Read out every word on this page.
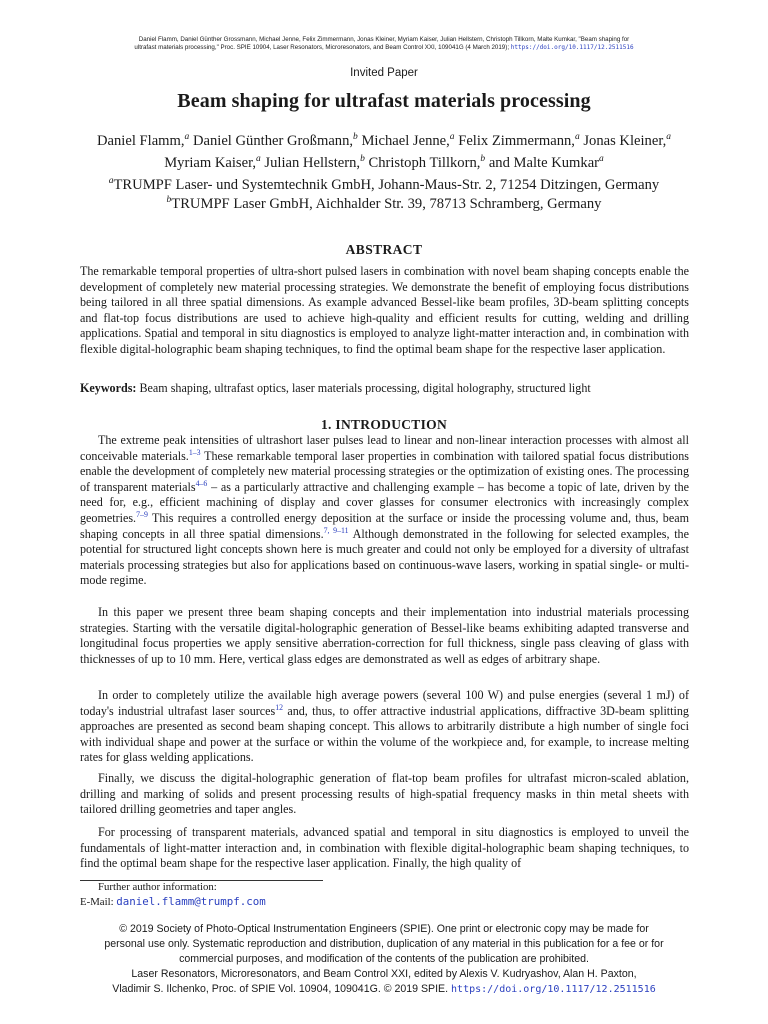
Daniel Flamm, Daniel Günther Grossmann, Michael Jenne, Felix Zimmermann, Jonas Kleiner, Myriam Kaiser, Julian Hellstern, Christoph Tillkorn, Malte Kumkar, "Beam shaping for
ultrafast materials processing," Proc. SPIE 10904, Laser Resonators, Microresonators, and Beam Control XXI, 109041G (4 March 2019); https://doi.org/10.1117/12.2511516
Invited Paper
Beam shaping for ultrafast materials processing
Daniel Flamm,$^a$ Daniel Günther Großmann,$^b$ Michael Jenne,$^a$ Felix Zimmermann,$^a$ Jonas Kleiner,$^a$ Myriam Kaiser,$^a$ Julian Hellstern,$^b$ Christoph Tillkorn,$^b$ and Malte Kumkar$^a$
$^a$TRUMPF Laser- und Systemtechnik GmbH, Johann-Maus-Str. 2, 71254 Ditzingen, Germany
$^b$TRUMPF Laser GmbH, Aichhalder Str. 39, 78713 Schramberg, Germany
ABSTRACT

The remarkable temporal properties of ultra-short pulsed lasers in combination with novel beam shaping concepts enable the development of completely new material processing strategies. We demonstrate the benefit of employing focus distributions being tailored in all three spatial dimensions. As example advanced Bessel-like beam profiles, 3D-beam splitting concepts and flat-top focus distributions are used to achieve high-quality and efficient results for cutting, welding and drilling applications. Spatial and temporal in situ diagnostics is employed to analyze light-matter interaction and, in combination with flexible digital-holographic beam shaping techniques, to find the optimal beam shape for the respective laser application.

Keywords: Beam shaping, ultrafast optics, laser materials processing, digital holography, structured light

1. INTRODUCTION

The extreme peak intensities of ultrashort laser pulses lead to linear and non-linear interaction processes with almost all conceivable materials.$^{1-3}$ These remarkable temporal laser properties in combination with tailored spatial focus distributions enable the development of completely new material processing strategies or the optimization of existing ones. The processing of transparent materials$^{4-6}$ – as a particularly attractive and challenging example – has become a topic of late, driven by the need for, e.g., efficient machining of display and cover glasses for consumer electronics with increasingly complex geometries.$^{7-9}$ This requires a controlled energy deposition at the surface or inside the processing volume and, thus, beam shaping concepts in all three spatial dimensions.$^{7, 9-11}$ Although demonstrated in the following for selected examples, the potential for structured light concepts shown here is much greater and could not only be employed for a diversity of ultrafast materials processing strategies but also for applications based on continuous-wave lasers, working in spatial single- or multi-mode regime.

In this paper we present three beam shaping concepts and their implementation into industrial materials processing strategies. Starting with the versatile digital-holographic generation of Bessel-like beams exhibiting adapted transverse and longitudinal focus properties we apply sensitive aberration-correction for full thickness, single pass cleaving of glass with thicknesses of up to 10 mm. Here, vertical glass edges are demonstrated as well as edges of arbitrary shape.

In order to completely utilize the available high average powers (several 100 W) and pulse energies (several 1 mJ) of today's industrial ultrafast laser sources$^{12}$ and, thus, to offer attractive industrial applications, diffractive 3D-beam splitting approaches are presented as second beam shaping concept. This allows to arbitrarily distribute a high number of single foci with individual shape and power at the surface or within the volume of the workpiece and, for example, to increase melting rates for glass welding applications.

Finally, we discuss the digital-holographic generation of flat-top beam profiles for ultrafast micron-scaled ablation, drilling and marking of solids and present processing results of high-spatial frequency masks in thin metal sheets with tailored drilling geometries and taper angles.

For processing of transparent materials, advanced spatial and temporal in situ diagnostics is employed to unveil the fundamentals of light-matter interaction and, in combination with flexible digital-holographic beam shaping techniques, to find the optimal beam shape for the respective laser application. Finally, the high quality of

Further author information:
E-Mail: daniel.flamm@trumpf.com
© 2019 Society of Photo-Optical Instrumentation Engineers (SPIE). One print or electronic copy may be made for
personal use only. Systematic reproduction and distribution, duplication of any material in this publication for a fee or for
commercial purposes, and modification of the contents of the publication are prohibited.
Laser Resonators, Microresonators, and Beam Control XXI, edited by Alexis V. Kudryashov, Alan H. Paxton,
Vladimir S. Ilchenko, Proc. of SPIE Vol. 10904, 109041G. © 2019 SPIE. https://doi.org/10.1117/12.2511516
